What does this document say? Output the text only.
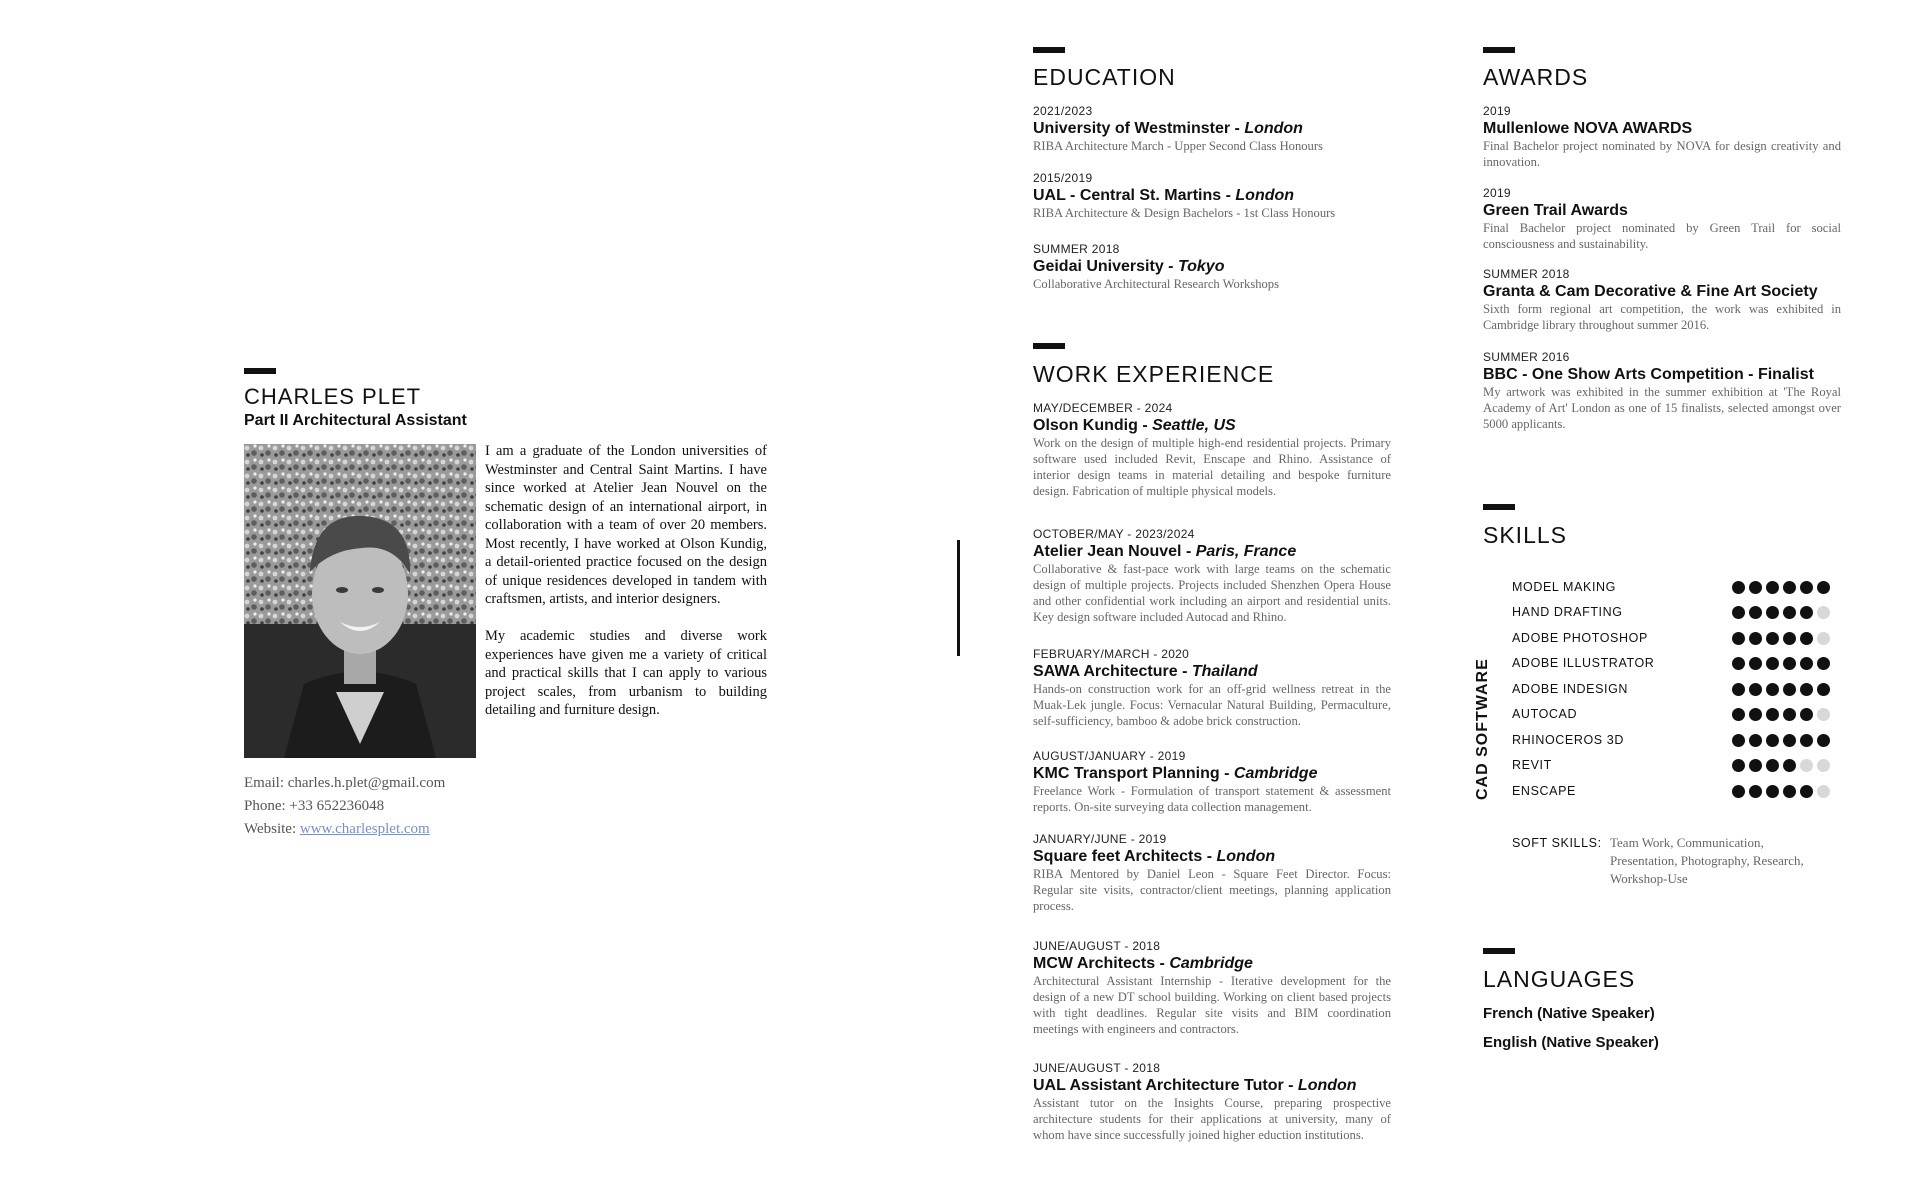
CHARLES PLET
Part II Architectural Assistant

I am a graduate of the London universities of Westminster and Central Saint Martins. I have since worked at Atelier Jean Nouvel on the schematic design of an international airport, in collaboration with a team of over 20 members. Most recently, I have worked at Olson Kundig, a detail-oriented practice focused on the design of unique residences developed in tandem with craftsmen, artists, and interior designers.

My academic studies and diverse work experiences have given me a variety of critical and practical skills that I can apply to various project scales, from urbanism to building detailing and furniture design.

Email: charles.h.plet@gmail.com
Phone: +33 652236048
Website: www.charlesplet.com
EDUCATION
2021/2023
University of Westminster - London
RIBA Architecture March - Upper Second Class Honours
2015/2019
UAL - Central St. Martins - London
RIBA Architecture & Design Bachelors - 1st Class Honours
SUMMER 2018
Geidai University - Tokyo
Collaborative Architectural Research Workshops
WORK EXPERIENCE
MAY/DECEMBER - 2024
Olson Kundig - Seattle, US
Work on the design of multiple high-end residential projects. Primary software used included Revit, Enscape and Rhino. Assistance of interior design teams in material detailing and bespoke furniture design. Fabrication of multiple physical models.
OCTOBER/MAY - 2023/2024
Atelier Jean Nouvel - Paris, France
Collaborative & fast-pace work with large teams on the schematic design of multiple projects. Projects included Shenzhen Opera House and other confidential work including an airport and residential units. Key design software included Autocad and Rhino.
FEBRUARY/MARCH - 2020
SAWA Architecture - Thailand
Hands-on construction work for an off-grid wellness retreat in the Muak-Lek jungle. Focus: Vernacular Natural Building, Permaculture, self-sufficiency, bamboo & adobe brick construction.
AUGUST/JANUARY - 2019
KMC Transport Planning - Cambridge
Freelance Work - Formulation of transport statement & assessment reports. On-site surveying data collection management.
JANUARY/JUNE - 2019
Square feet Architects - London
RIBA Mentored by Daniel Leon - Square Feet Director. Focus: Regular site visits, contractor/client meetings, planning application process.
JUNE/AUGUST - 2018
MCW Architects - Cambridge
Architectural Assistant Internship - Iterative development for the design of a new DT school building. Working on client based projects with tight deadlines. Regular site visits and BIM coordination meetings with engineers and contractors.
JUNE/AUGUST - 2018
UAL Assistant Architecture Tutor - London
Assistant tutor on the Insights Course, preparing prospective architecture students for their applications at university, many of whom have since successfully joined higher eduction institutions.
AWARDS
2019
Mullenlowe NOVA AWARDS
Final Bachelor project nominated by NOVA for design creativity and innovation.
2019
Green Trail Awards
Final Bachelor project nominated by Green Trail for social consciousness and sustainability.
SUMMER 2018
Granta & Cam Decorative & Fine Art Society
Sixth form regional art competition, the work was exhibited in Cambridge library throughout summer 2016.
SUMMER 2016
BBC - One Show Arts Competition - Finalist
My artwork was exhibited in the summer exhibition at 'The Royal Academy of Art' London as one of 15 finalists, selected amongst over 5000 applicants.
SKILLS
CAD SOFTWARE
MODEL MAKING
HAND DRAFTING
ADOBE PHOTOSHOP
ADOBE ILLUSTRATOR
ADOBE INDESIGN
AUTOCAD
RHINOCEROS 3D
REVIT
ENSCAPE
SOFT SKILLS: Team Work, Communication, Presentation, Photography, Research, Workshop-Use
LANGUAGES
French (Native Speaker)
English (Native Speaker)
